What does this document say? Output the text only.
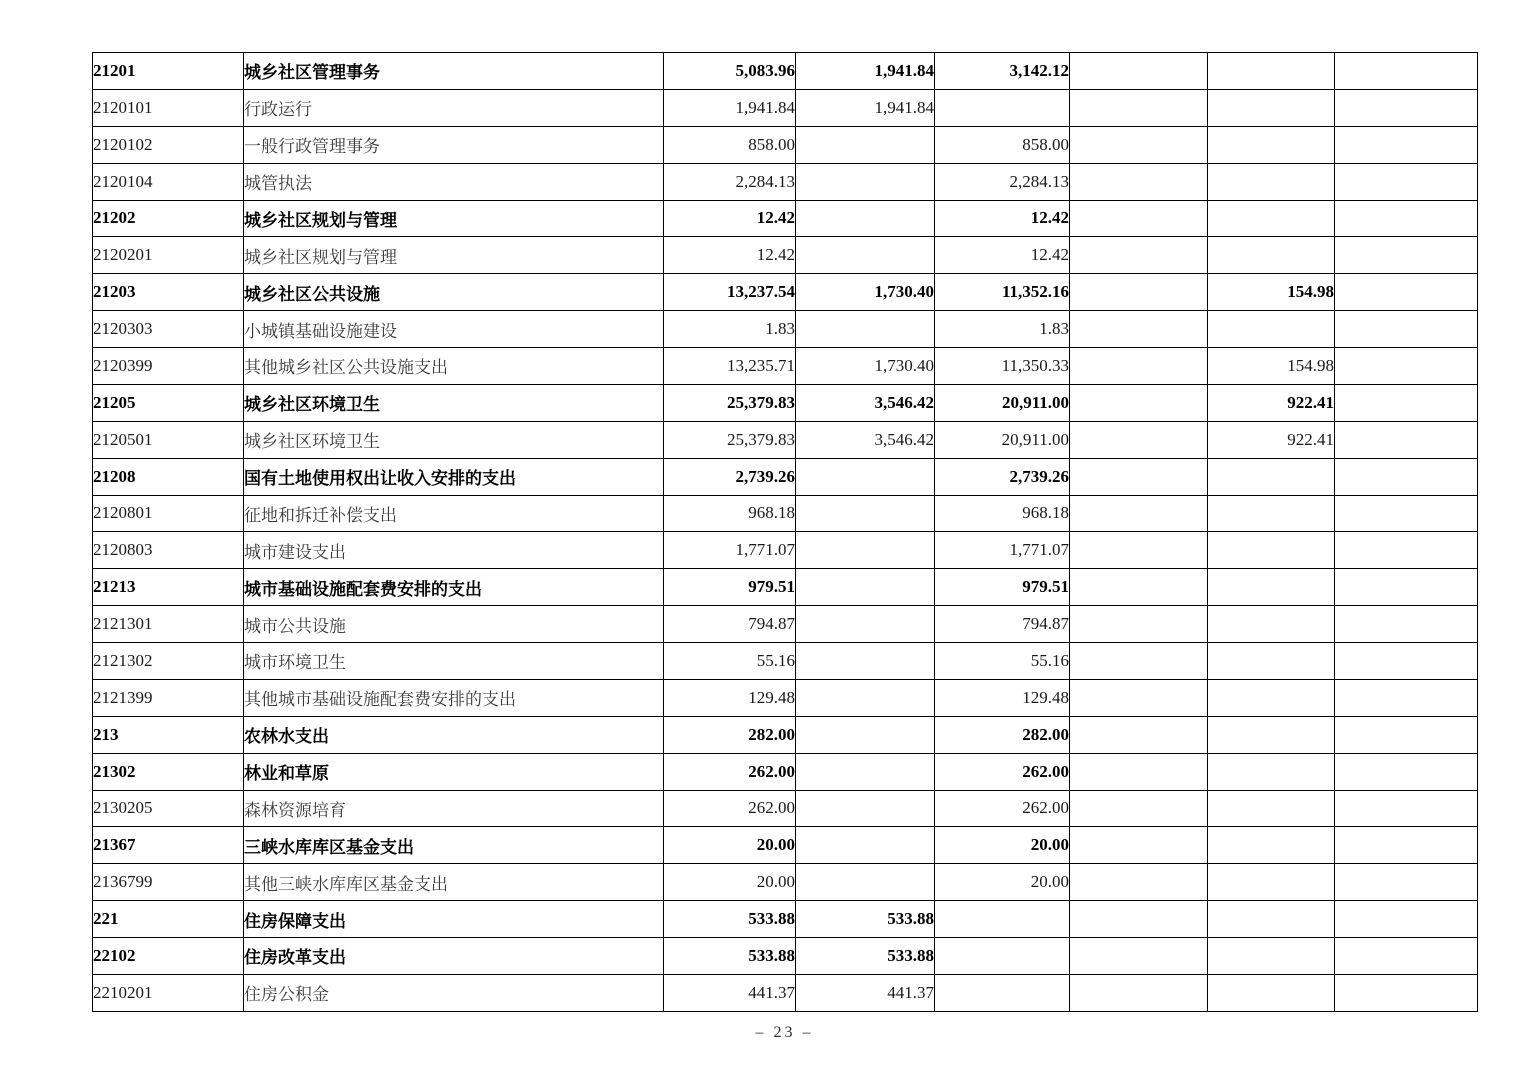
21201	城乡社区管理事务	5,083.96	1,941.84	3,142.12			
2120101	行政运行	1,941.84	1,941.84				
2120102	一般行政管理事务	858.00		858.00			
2120104	城管执法	2,284.13		2,284.13			
21202	城乡社区规划与管理	12.42		12.42			
2120201	城乡社区规划与管理	12.42		12.42			
21203	城乡社区公共设施	13,237.54	1,730.40	11,352.16		154.98	
2120303	小城镇基础设施建设	1.83		1.83			
2120399	其他城乡社区公共设施支出	13,235.71	1,730.40	11,350.33		154.98	
21205	城乡社区环境卫生	25,379.83	3,546.42	20,911.00		922.41	
2120501	城乡社区环境卫生	25,379.83	3,546.42	20,911.00		922.41	
21208	国有土地使用权出让收入安排的支出	2,739.26		2,739.26			
2120801	征地和拆迁补偿支出	968.18		968.18			
2120803	城市建设支出	1,771.07		1,771.07			
21213	城市基础设施配套费安排的支出	979.51		979.51			
2121301	城市公共设施	794.87		794.87			
2121302	城市环境卫生	55.16		55.16			
2121399	其他城市基础设施配套费安排的支出	129.48		129.48			
213	农林水支出	282.00		282.00			
21302	林业和草原	262.00		262.00			
2130205	森林资源培育	262.00		262.00			
21367	三峡水库库区基金支出	20.00		20.00			
2136799	其他三峡水库库区基金支出	20.00		20.00			
221	住房保障支出	533.88	533.88				
22102	住房改革支出	533.88	533.88				
2210201	住房公积金	441.37	441.37				
– 23 –
